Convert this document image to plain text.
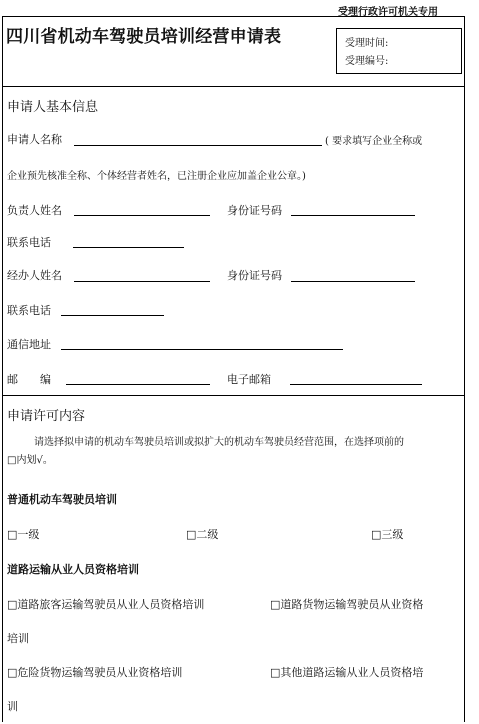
四川省机动车驾驶员培训经营申请表
受理行政许可机关专用
受理时间:
受理编号:
申请人基本信息
申请人名称	( 要求填写企业全称或
企业预先核准全称、个体经营者姓名，已注册企业应加盖企业公章。)
负责人姓名	身份证号码
联系电话
经办人姓名	身份证号码
联系电话
通信地址
邮　　编	电子邮箱
申请许可内容
请选择拟申请的机动车驾驶员培训或拟扩大的机动车驾驶员经营范围，在选择项前的
□内划√。
普通机动车驾驶员培训
□一级	□二级	□三级
道路运输从业人员资格培训
□道路旅客运输驾驶员从业人员资格培训	□道路货物运输驾驶员从业资格
培训
□危险货物运输驾驶员从业资格培训	□其他道路运输从业人员资格培
训
